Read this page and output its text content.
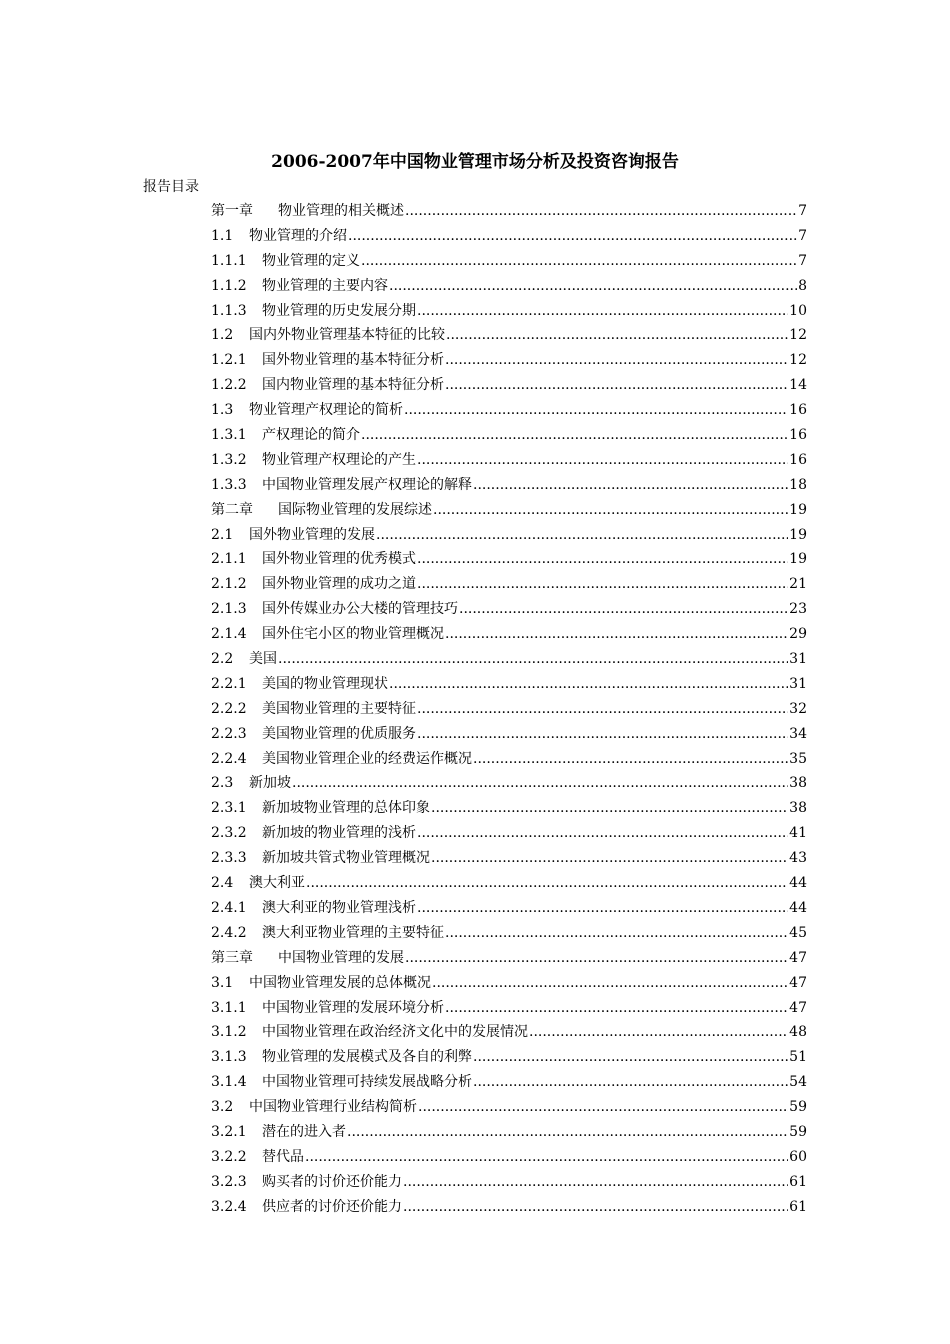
2006-2007年中国物业管理市场分析及投资咨询报告
报告目录
第一章	物业管理的相关概述 .....	7
1.1	物业管理的介绍 .....	7
1.1.1	物业管理的定义 .....	7
1.1.2	物业管理的主要内容 .....	8
1.1.3	物业管理的历史发展分期 .....	10
1.2	国内外物业管理基本特征的比较 .....	12
1.2.1	国外物业管理的基本特征分析 .....	12
1.2.2	国内物业管理的基本特征分析 .....	14
1.3	物业管理产权理论的简析 .....	16
1.3.1	产权理论的简介 .....	16
1.3.2	物业管理产权理论的产生 .....	16
1.3.3	中国物业管理发展产权理论的解释 .....	18
第二章	国际物业管理的发展综述 .....	19
2.1	国外物业管理的发展 .....	19
2.1.1	国外物业管理的优秀模式 .....	19
2.1.2	国外物业管理的成功之道 .....	21
2.1.3	国外传媒业办公大楼的管理技巧 .....	23
2.1.4	国外住宅小区的物业管理概况 .....	29
2.2	美国 .....	31
2.2.1	美国的物业管理现状 .....	31
2.2.2	美国物业管理的主要特征 .....	32
2.2.3	美国物业管理的优质服务 .....	34
2.2.4	美国物业管理企业的经费运作概况 .....	35
2.3	新加坡 .....	38
2.3.1	新加坡物业管理的总体印象 .....	38
2.3.2	新加坡的物业管理的浅析 .....	41
2.3.3	新加坡共管式物业管理概况 .....	43
2.4	澳大利亚 .....	44
2.4.1	澳大利亚的物业管理浅析 .....	44
2.4.2	澳大利亚物业管理的主要特征 .....	45
第三章	中国物业管理的发展 .....	47
3.1	中国物业管理发展的总体概况 .....	47
3.1.1	中国物业管理的发展环境分析 .....	47
3.1.2	中国物业管理在政治经济文化中的发展情况 .....	48
3.1.3	物业管理的发展模式及各自的利弊 .....	51
3.1.4	中国物业管理可持续发展战略分析 .....	54
3.2	中国物业管理行业结构简析 .....	59
3.2.1	潜在的进入者 .....	59
3.2.2	替代品 .....	60
3.2.3	购买者的讨价还价能力 .....	61
3.2.4	供应者的讨价还价能力 .....	61
